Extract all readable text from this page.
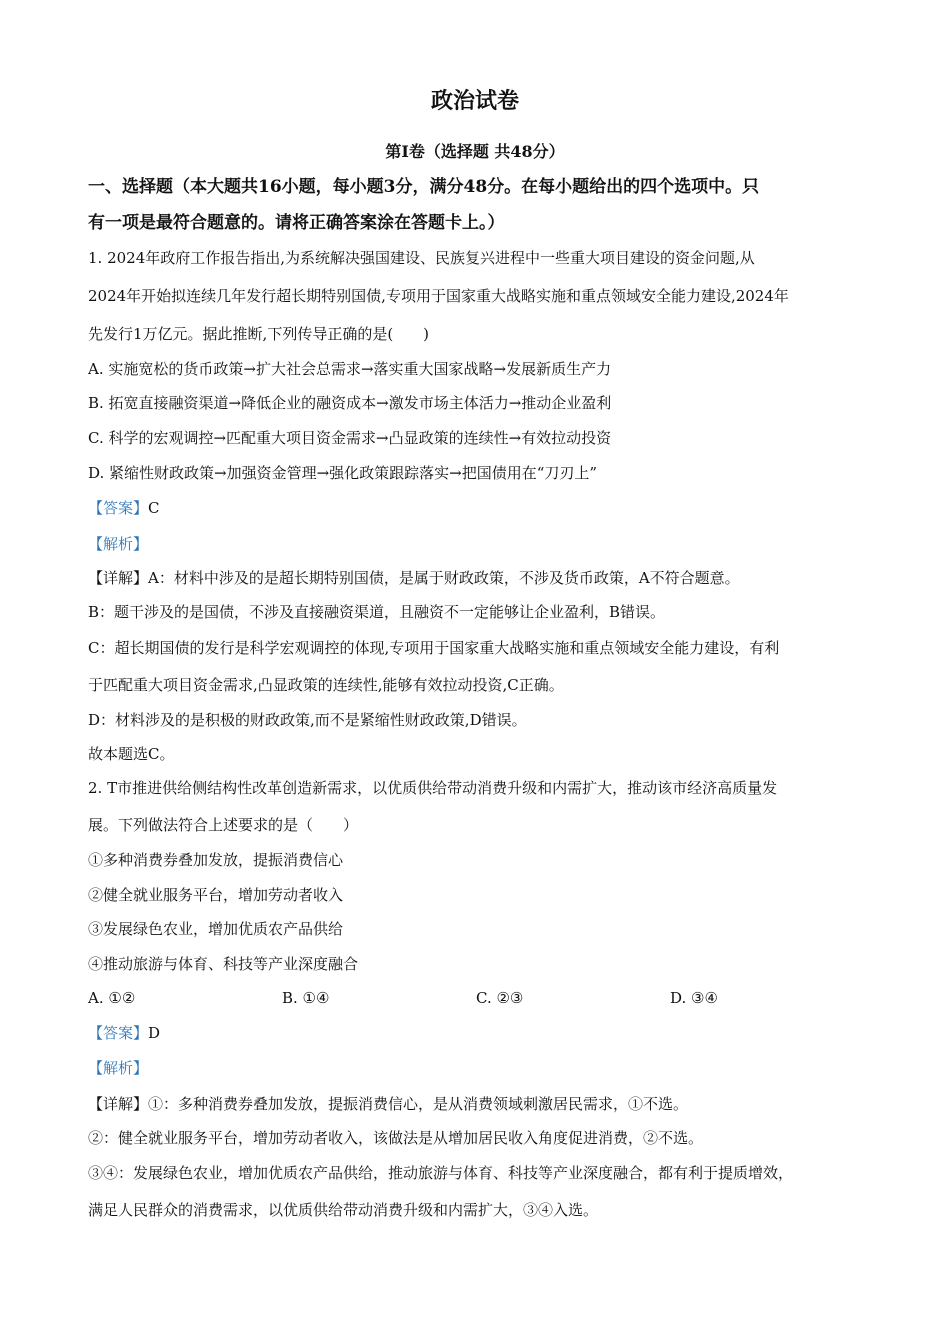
政治试卷
第I卷（选择题 共48分）
一、选择题（本大题共16小题，每小题3分，满分48分。在每小题给出的四个选项中。只
有一项是最符合题意的。请将正确答案涂在答题卡上。）
1. 2024年政府工作报告指出,为系统解决强国建设、民族复兴进程中一些重大项目建设的资金问题,从
2024年开始拟连续几年发行超长期特别国债,专项用于国家重大战略实施和重点领域安全能力建设,2024年
先发行1万亿元。据此推断,下列传导正确的是(　　)
A. 实施宽松的货币政策→扩大社会总需求→落实重大国家战略→发展新质生产力
B. 拓宽直接融资渠道→降低企业的融资成本→激发市场主体活力→推动企业盈利
C. 科学的宏观调控→匹配重大项目资金需求→凸显政策的连续性→有效拉动投资
D. 紧缩性财政政策→加强资金管理→强化政策跟踪落实→把国债用在“刀刃上”
【答案】C
【解析】
【详解】A：材料中涉及的是超长期特别国债，是属于财政政策，不涉及货币政策，A不符合题意。
B：题干涉及的是国债，不涉及直接融资渠道，且融资不一定能够让企业盈利，B错误。
C：超长期国债的发行是科学宏观调控的体现,专项用于国家重大战略实施和重点领域安全能力建设，有利
于匹配重大项目资金需求,凸显政策的连续性,能够有效拉动投资,C正确。
D：材料涉及的是积极的财政政策,而不是紧缩性财政政策,D错误。
故本题选C。
2. T市推进供给侧结构性改革创造新需求，以优质供给带动消费升级和内需扩大，推动该市经济高质量发
展。下列做法符合上述要求的是（　　）
①多种消费券叠加发放，提振消费信心
②健全就业服务平台，增加劳动者收入
③发展绿色农业，增加优质农产品供给
④推动旅游与体育、科技等产业深度融合
A. ①②	B. ①④	C. ②③	D. ③④
【答案】D
【解析】
【详解】①：多种消费券叠加发放，提振消费信心，是从消费领域刺激居民需求，①不选。
②：健全就业服务平台，增加劳动者收入，该做法是从增加居民收入角度促进消费，②不选。
③④：发展绿色农业，增加优质农产品供给，推动旅游与体育、科技等产业深度融合，都有利于提质增效，
满足人民群众的消费需求，以优质供给带动消费升级和内需扩大，③④入选。
